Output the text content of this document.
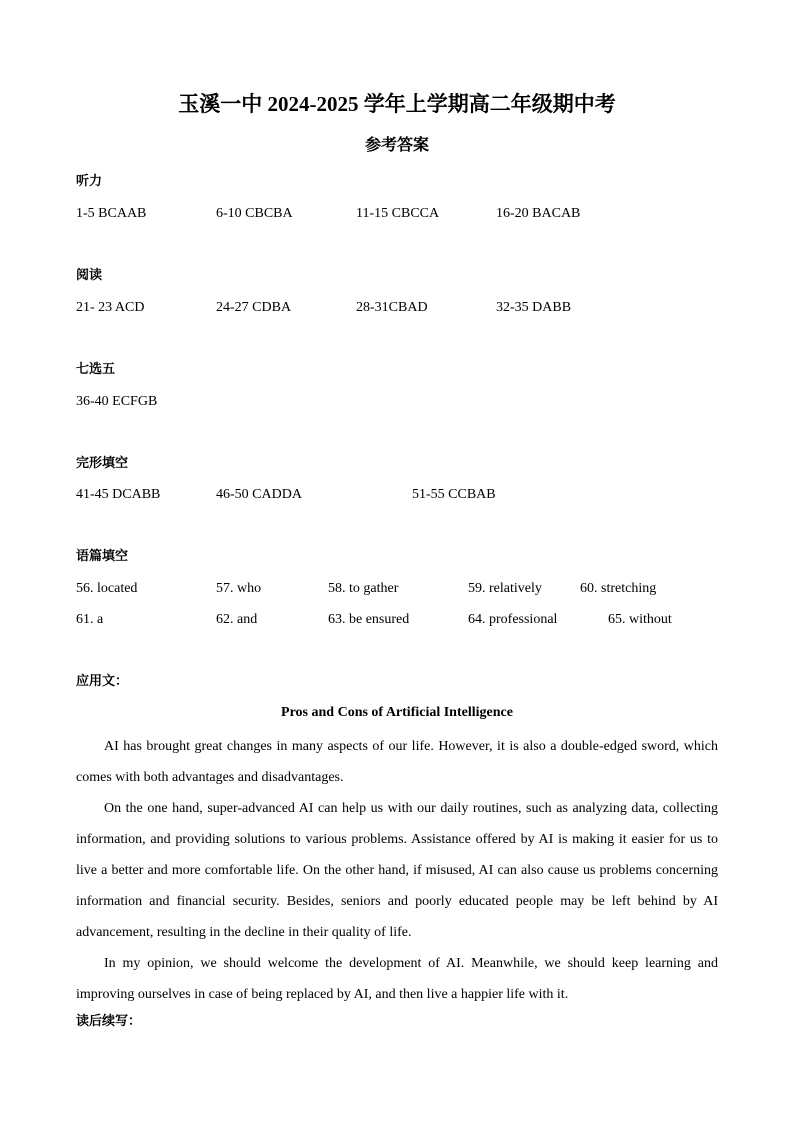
玉溪一中 2024-2025 学年上学期高二年级期中考
参考答案
听力
1-5 BCAAB	6-10 CBCBA	11-15 CBCCA	16-20 BACAB
阅读
21- 23 ACD	24-27 CDBA	28-31CBAD	32-35 DABB
七选五
36-40 ECFGB
完形填空
41-45 DCABB	46-50 CADDA	51-55 CCBAB
语篇填空
56. located	57. who	58. to gather	59. relatively	60. stretching
61. a	62. and	63. be ensured	64. professional	65. without
应用文：
Pros and Cons of Artificial Intelligence

AI has brought great changes in many aspects of our life. However, it is also a double-edged sword, which comes with both advantages and disadvantages.

On the one hand, super-advanced AI can help us with our daily routines, such as analyzing data, collecting information, and providing solutions to various problems. Assistance offered by AI is making it easier for us to live a better and more comfortable life. On the other hand, if misused, AI can also cause us problems concerning information and financial security. Besides, seniors and poorly educated people may be left behind by AI advancement, resulting in the decline in their quality of life.

In my opinion, we should welcome the development of AI. Meanwhile, we should keep learning and improving ourselves in case of being replaced by AI, and then live a happier life with it.

读后续写：
